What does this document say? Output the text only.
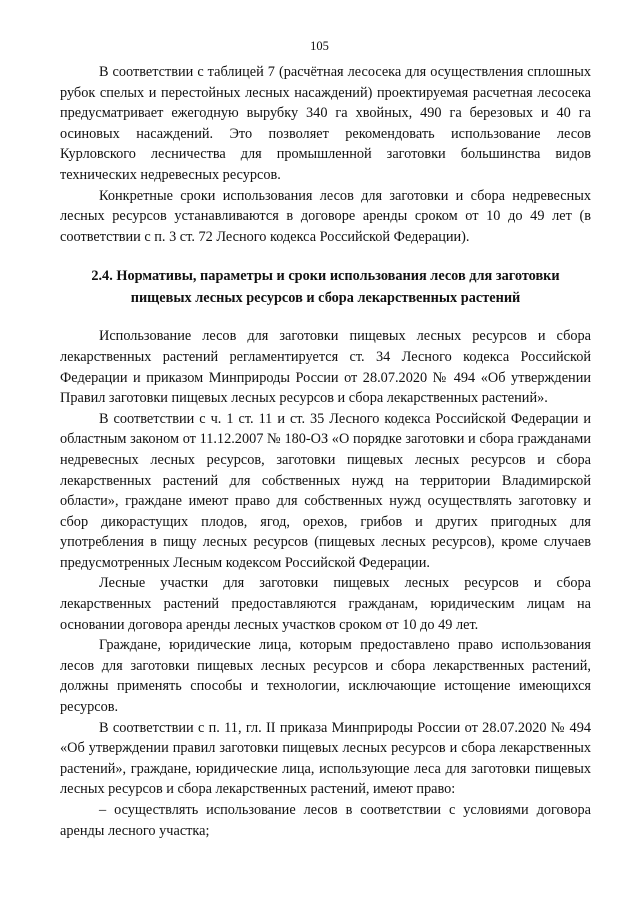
105

В соответствии с таблицей 7 (расчётная лесосека для осуществления сплошных рубок спелых и перестойных лесных насаждений) проектируемая расчетная лесосека предусматривает ежегодную вырубку 340 га хвойных, 490 га березовых и 40 га осиновых насаждений. Это позволяет рекомендовать использование лесов Курловского лесничества для промышленной заготовки большинства видов технических недревесных ресурсов.

Конкретные сроки использования лесов для заготовки и сбора недревесных лесных ресурсов устанавливаются в договоре аренды сроком от 10 до 49 лет (в соответствии с п. 3 ст. 72 Лесного кодекса Российской Федерации).

2.4. Нормативы, параметры и сроки использования лесов для заготовки пищевых лесных ресурсов и сбора лекарственных растений

Использование лесов для заготовки пищевых лесных ресурсов и сбора лекарственных растений регламентируется ст. 34 Лесного кодекса Российской Федерации и приказом Минприроды России от 28.07.2020 № 494 «Об утверждении Правил заготовки пищевых лесных ресурсов и сбора лекарственных растений».

В соответствии с ч. 1 ст. 11 и ст. 35 Лесного кодекса Российской Федерации и областным законом от 11.12.2007 № 180-ОЗ «О порядке заготовки и сбора гражданами недревесных лесных ресурсов, заготовки пищевых лесных ресурсов и сбора лекарственных растений для собственных нужд на территории Владимирской области», граждане имеют право для собственных нужд осуществлять заготовку и сбор дикорастущих плодов, ягод, орехов, грибов и других пригодных для употребления в пищу лесных ресурсов (пищевых лесных ресурсов), кроме случаев предусмотренных Лесным кодексом Российской Федерации.

Лесные участки для заготовки пищевых лесных ресурсов и сбора лекарственных растений предоставляются гражданам, юридическим лицам на основании договора аренды лесных участков сроком от 10 до 49 лет.

Граждане, юридические лица, которым предоставлено право использования лесов для заготовки пищевых лесных ресурсов и сбора лекарственных растений, должны применять способы и технологии, исключающие истощение имеющихся ресурсов.

В соответствии с п. 11, гл. II приказа Минприроды России от 28.07.2020 № 494 «Об утверждении правил заготовки пищевых лесных ресурсов и сбора лекарственных растений», граждане, юридические лица, использующие леса для заготовки пищевых лесных ресурсов и сбора лекарственных растений, имеют право:

– осуществлять использование лесов в соответствии с условиями договора аренды лесного участка;
